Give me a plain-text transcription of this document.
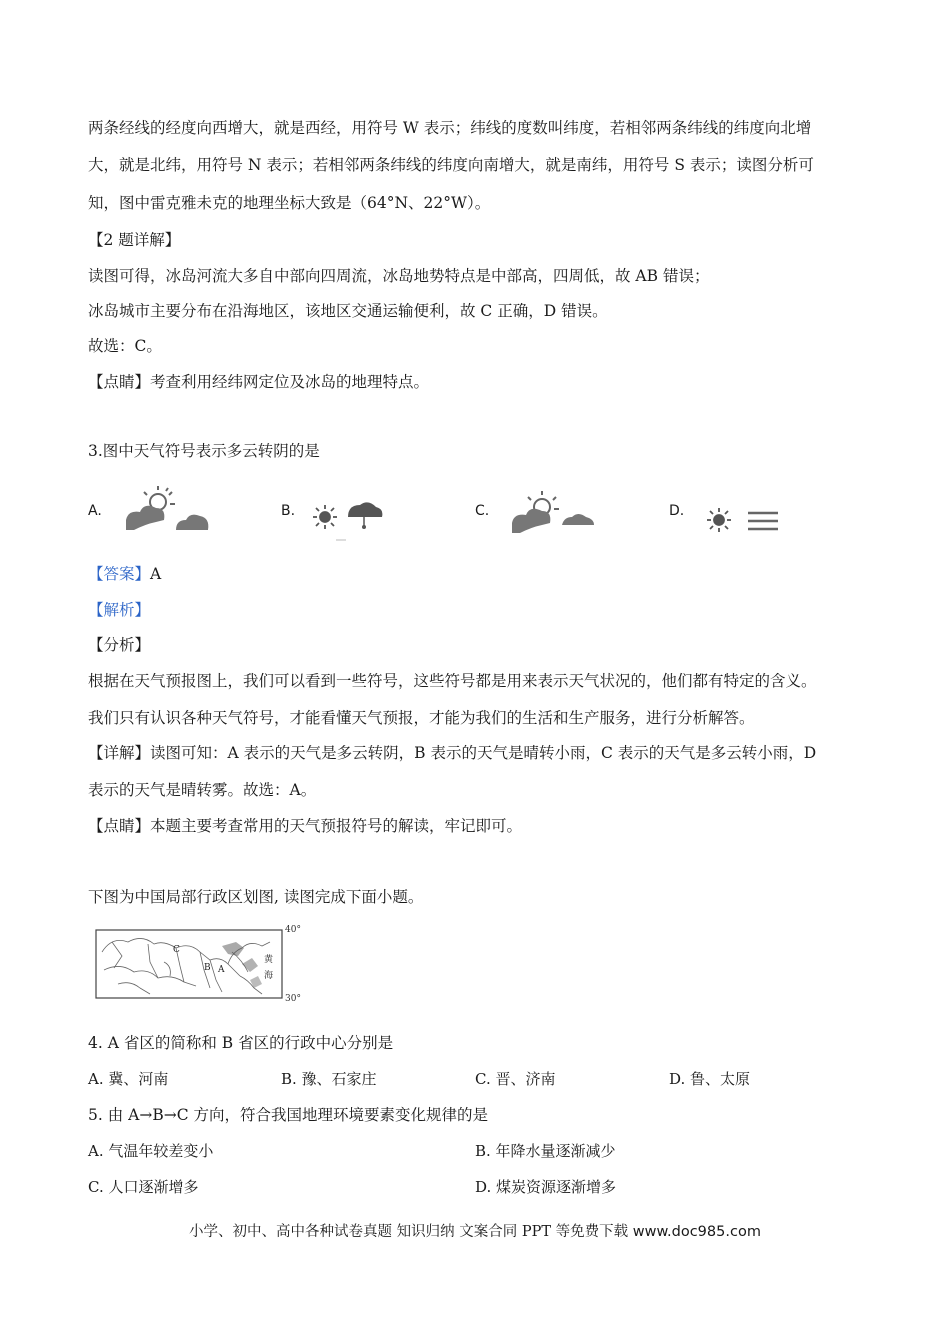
两条经线的经度向西增大，就是西经，用符号 W 表示；纬线的度数叫纬度，若相邻两条纬线的纬度向北增
大，就是北纬，用符号 N 表示；若相邻两条纬线的纬度向南增大，就是南纬，用符号 S 表示；读图分析可
知，图中雷克雅未克的地理坐标大致是（64°N、22°W）。
【2 题详解】
读图可得，冰岛河流大多自中部向四周流，冰岛地势特点是中部高，四周低，故 AB 错误；
冰岛城市主要分布在沿海地区，该地区交通运输便利，故 C 正确，D 错误。
故选：C。
【点睛】考查利用经纬网定位及冰岛的地理特点。
3.图中天气符号表示多云转阴的是
A.	B.	C.	D.
【答案】A
【解析】
【分析】
根据在天气预报图上，我们可以看到一些符号，这些符号都是用来表示天气状况的，他们都有特定的含义。
我们只有认识各种天气符号，才能看懂天气预报，才能为我们的生活和生产服务，进行分析解答。
【详解】读图可知：A 表示的天气是多云转阴，B 表示的天气是晴转小雨，C 表示的天气是多云转小雨，D
表示的天气是晴转雾。故选：A。
【点睛】本题主要考查常用的天气预报符号的解读，牢记即可。
下图为中国局部行政区划图, 读图完成下面小题。
C
B A
黄
海
40°
30°
4. A 省区的简称和 B 省区的行政中心分别是
A. 冀、河南	B. 豫、石家庄	C. 晋、济南	D. 鲁、太原
5. 由 A→B→C 方向，符合我国地理环境要素变化规律的是
A. 气温年较差变小	B. 年降水量逐渐减少
C. 人口逐渐增多	D. 煤炭资源逐渐增多
小学、初中、高中各种试卷真题 知识归纳 文案合同 PPT 等免费下载 www.doc985.com
